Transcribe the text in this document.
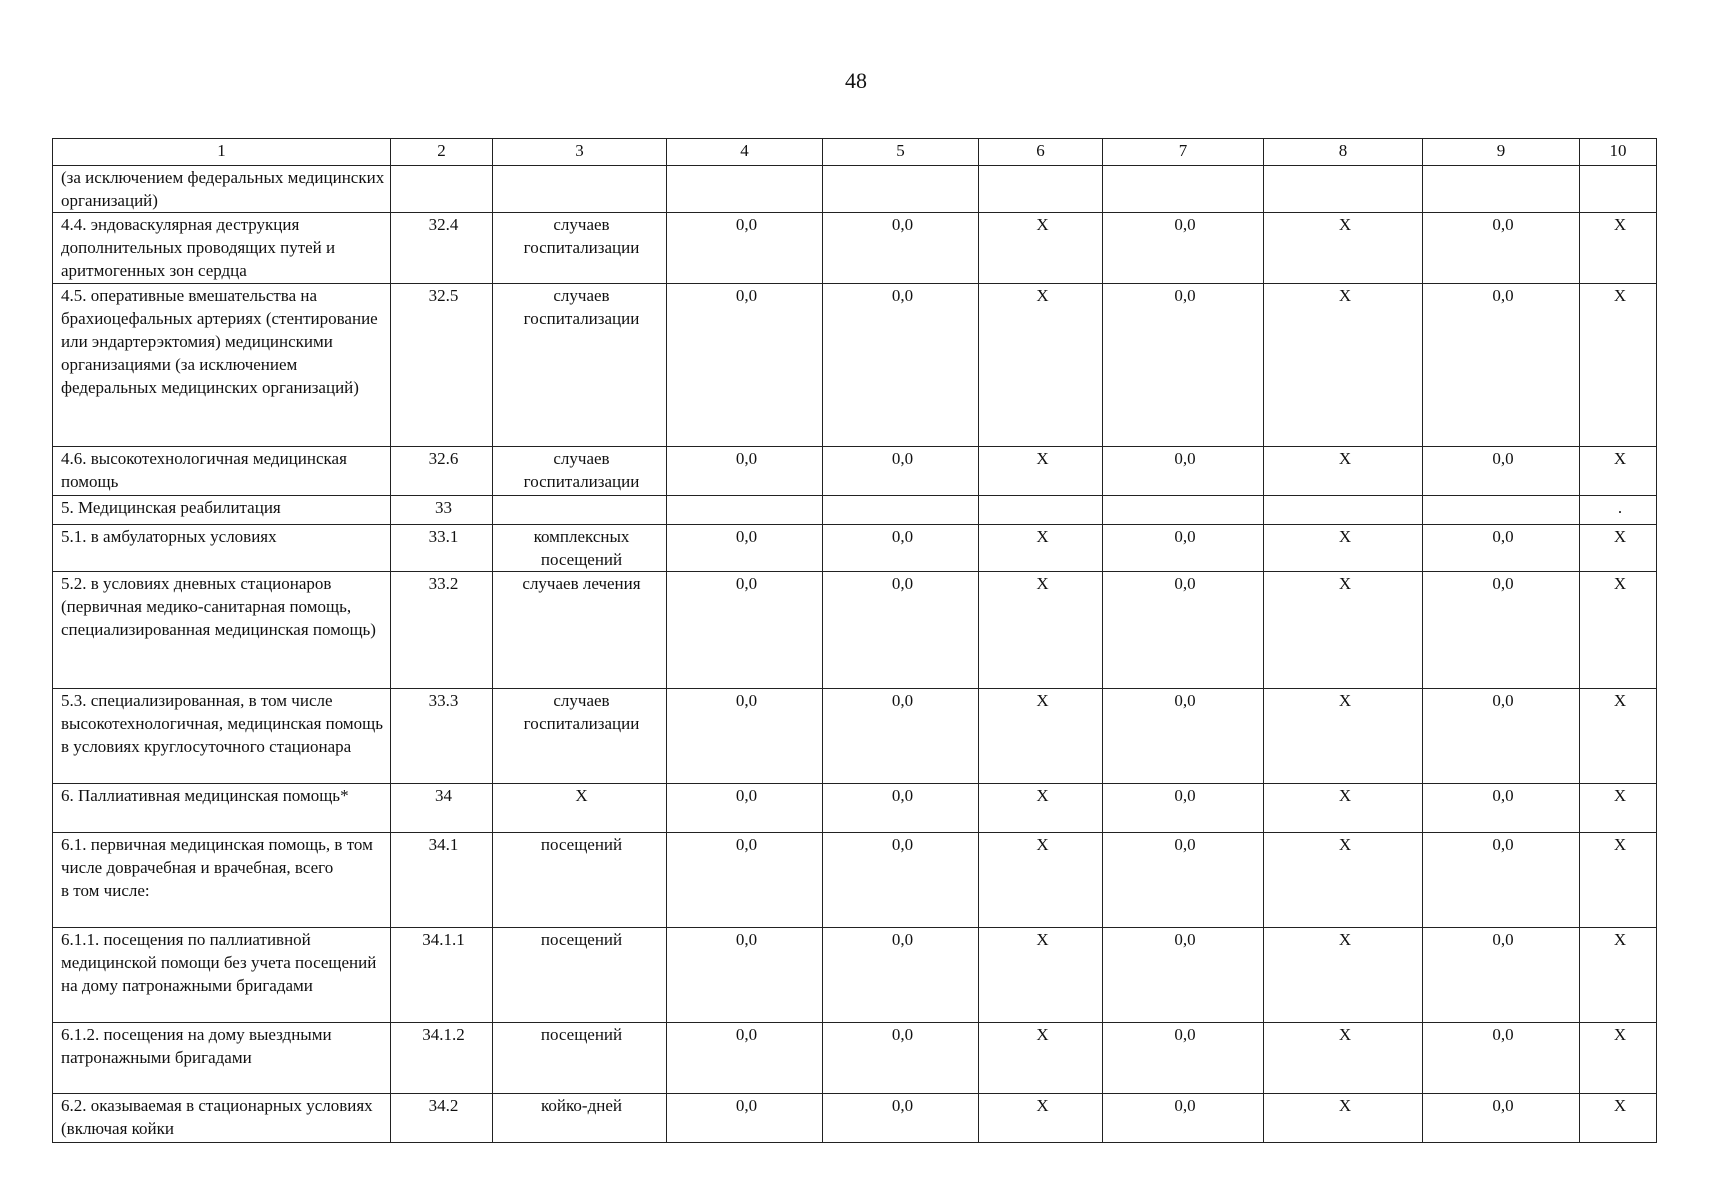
48
1	2	3	4	5	6	7	8	9	10
(за исключением федеральных медицинских организаций)									
4.4. эндоваскулярная деструкция дополнительных проводящих путей и аритмогенных зон сердца	32.4	случаев госпитализации	0,0	0,0	X	0,0	X	0,0	X
4.5. оперативные вмешательства на брахиоцефальных артериях (стентирование или эндартерэктомия) медицинскими организациями (за исключением федеральных медицинских организаций)	32.5	случаев госпитализации	0,0	0,0	X	0,0	X	0,0	X
4.6. высокотехнологичная медицинская помощь	32.6	случаев госпитализации	0,0	0,0	X	0,0	X	0,0	X
5. Медицинская реабилитация	33								.
5.1. в амбулаторных условиях	33.1	комплексных посещений	0,0	0,0	X	0,0	X	0,0	X
5.2. в условиях дневных стационаров (первичная медико-санитарная помощь, специализированная медицинская помощь)	33.2	случаев лечения	0,0	0,0	X	0,0	X	0,0	X
5.3. специализированная, в том числе высокотехнологичная, медицинская помощь в условиях круглосуточного стационара	33.3	случаев госпитализации	0,0	0,0	X	0,0	X	0,0	X
6. Паллиативная медицинская помощь*	34	X	0,0	0,0	X	0,0	X	0,0	X
6.1. первичная медицинская помощь, в том числе доврачебная и врачебная, всего
в том числе:	34.1	посещений	0,0	0,0	X	0,0	X	0,0	X
6.1.1. посещения по паллиативной медицинской помощи без учета посещений на дому патронажными бригадами	34.1.1	посещений	0,0	0,0	X	0,0	X	0,0	X
6.1.2. посещения на дому выездными патронажными бригадами	34.1.2	посещений	0,0	0,0	X	0,0	X	0,0	X
6.2. оказываемая в стационарных условиях (включая койки	34.2	койко-дней	0,0	0,0	X	0,0	X	0,0	X
